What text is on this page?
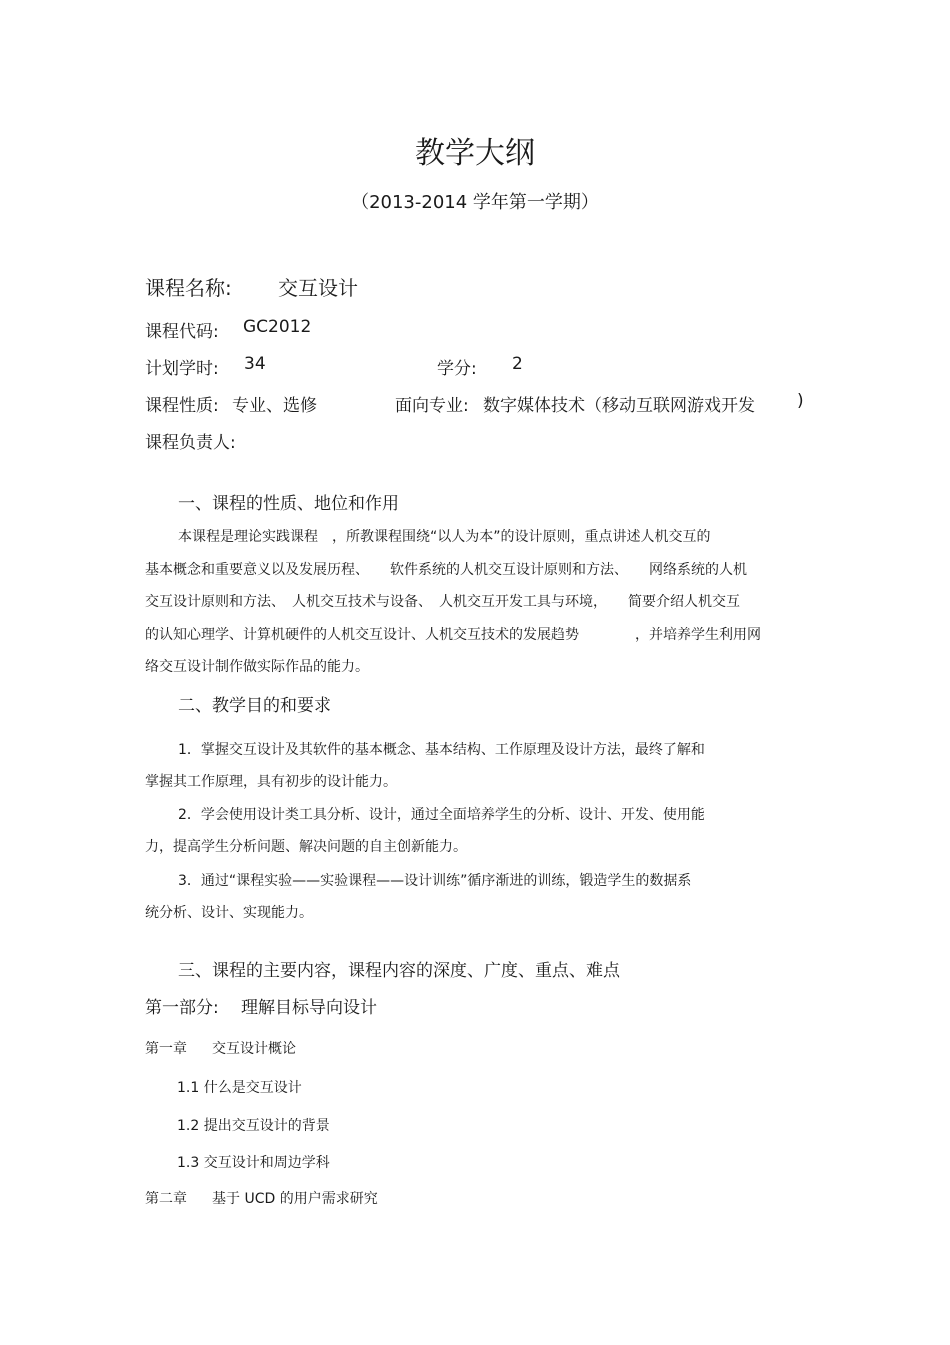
教学大纲
（2013-2014 学年第一学期）
课程名称: 交互设计
课程代码: GC2012
计划学时: 34	学分: 2
课程性质: 专业、选修	面向专业: 数字媒体技术（移动互联网游戏开发 )
课程负责人:
一、课程的性质、地位和作用
本课程是理论实践课程　，所教课程围绕“以人为本”的设计原则，重点讲述人机交互的
基本概念和重要意义以及发展历程、　　软件系统的人机交互设计原则和方法、　　网络系统的人机
交互设计原则和方法、　人机交互技术与设备、　人机交互开发工具与环境，　　简要介绍人机交互
的认知心理学、计算机硬件的人机交互设计、人机交互技术的发展趋势　　　　，并培养学生利用网
络交互设计制作做实际作品的能力。
二、教学目的和要求
1．掌握交互设计及其软件的基本概念、基本结构、工作原理及设计方法，最终了解和
掌握其工作原理，具有初步的设计能力。
2．学会使用设计类工具分析、设计，通过全面培养学生的分析、设计、开发、使用能
力，提高学生分析问题、解决问题的自主创新能力。
3．通过“课程实验——实验课程——设计训练”循序渐进的训练，锻造学生的数据系
统分析、设计、实现能力。
三、课程的主要内容，课程内容的深度、广度、重点、难点
第一部分: 理解目标导向设计
第一章 交互设计概论
1.1 什么是交互设计
1.2 提出交互设计的背景
1.3 交互设计和周边学科
第二章 基于 UCD 的用户需求研究
